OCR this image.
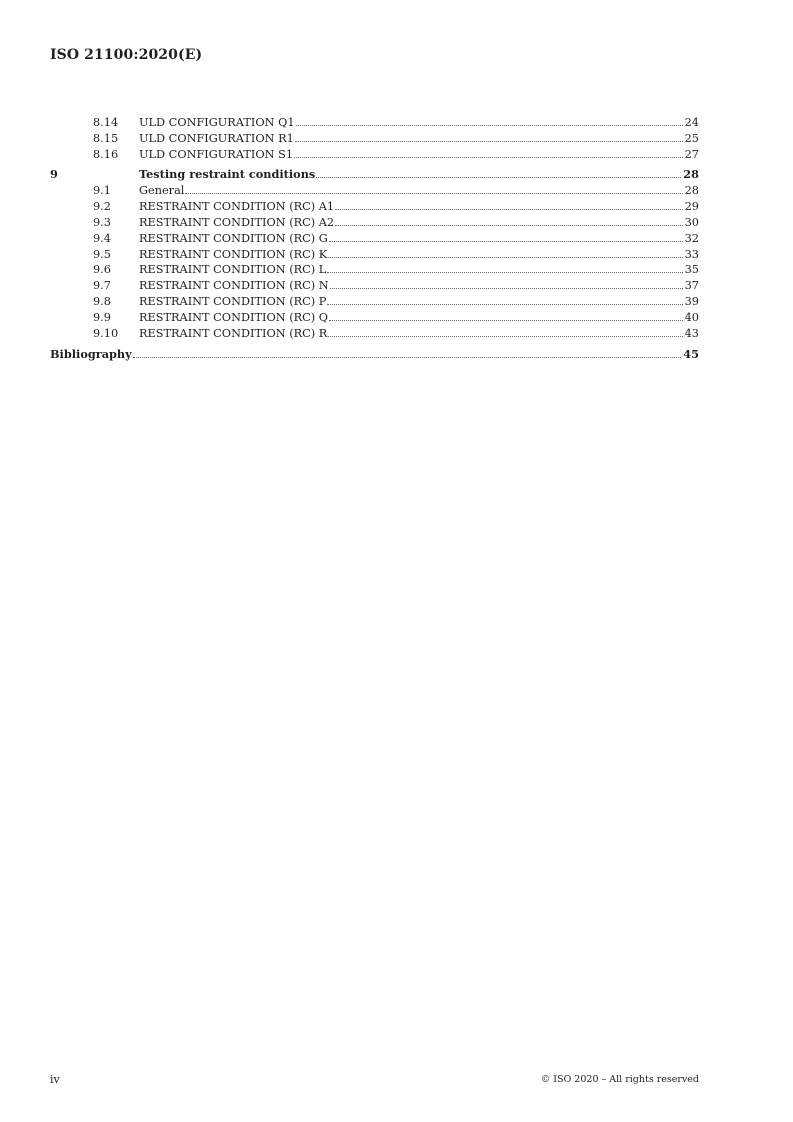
ISO 21100:2020(E)
8.14	ULD CONFIGURATION Q1	24
8.15	ULD CONFIGURATION R1	25
8.16	ULD CONFIGURATION S1	27
9	Testing restraint conditions	28
9.1	General	28
9.2	RESTRAINT CONDITION (RC) A1	29
9.3	RESTRAINT CONDITION (RC) A2	30
9.4	RESTRAINT CONDITION (RC) G	32
9.5	RESTRAINT CONDITION (RC) K	33
9.6	RESTRAINT CONDITION (RC) L	35
9.7	RESTRAINT CONDITION (RC) N	37
9.8	RESTRAINT CONDITION (RC) P	39
9.9	RESTRAINT CONDITION (RC) Q	40
9.10	RESTRAINT CONDITION (RC) R	43
Bibliography	45
iv	© ISO 2020 – All rights reserved
